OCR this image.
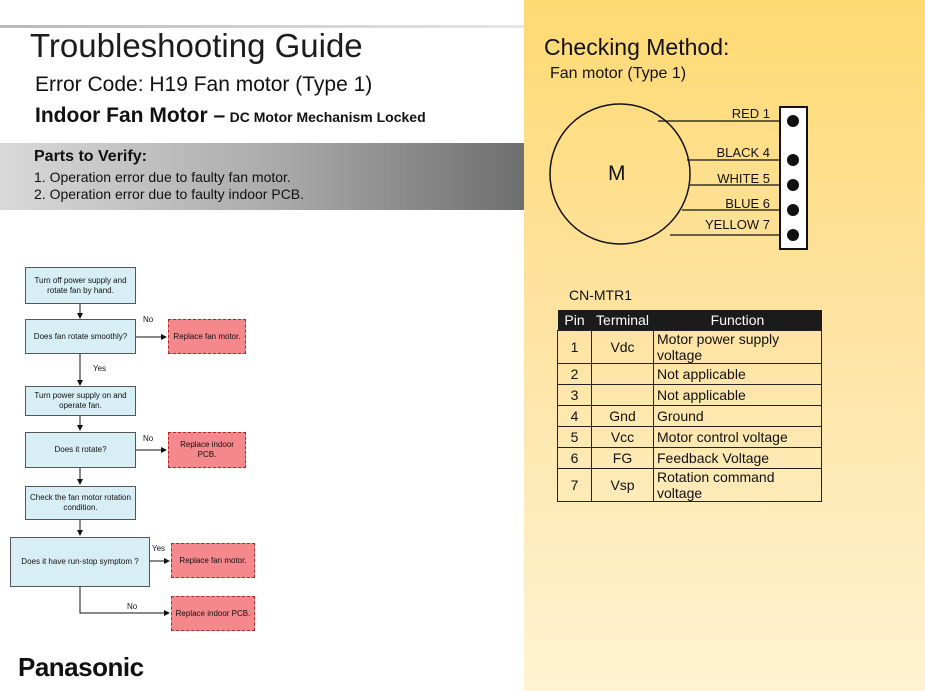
Troubleshooting Guide
Error Code: H19 Fan motor (Type 1)
Indoor Fan Motor – DC Motor Mechanism Locked
Parts to Verify:
1. Operation error due to faulty fan motor.
2. Operation error due to faulty indoor PCB.
Turn off power supply and rotate fan by hand.
Does fan rotate smoothly?
No
Replace fan motor.
Yes
Turn power supply on and operate fan.
Does it rotate?
No
Replace indoor PCB.
Check the fan motor rotation condition.
Does it have run-stop symptom ?
Yes
Replace fan motor.
No
Replace indoor PCB.
Checking Method:
Fan motor (Type 1)
M
RED 1
BLACK 4
WHITE 5
BLUE 6
YELLOW 7
CN-MTR1
Pin	Terminal	Function
1	Vdc	Motor power supply voltage
2		Not applicable
3		Not applicable
4	Gnd	Ground
5	Vcc	Motor control voltage
6	FG	Feedback Voltage
7	Vsp	Rotation command voltage
Panasonic
